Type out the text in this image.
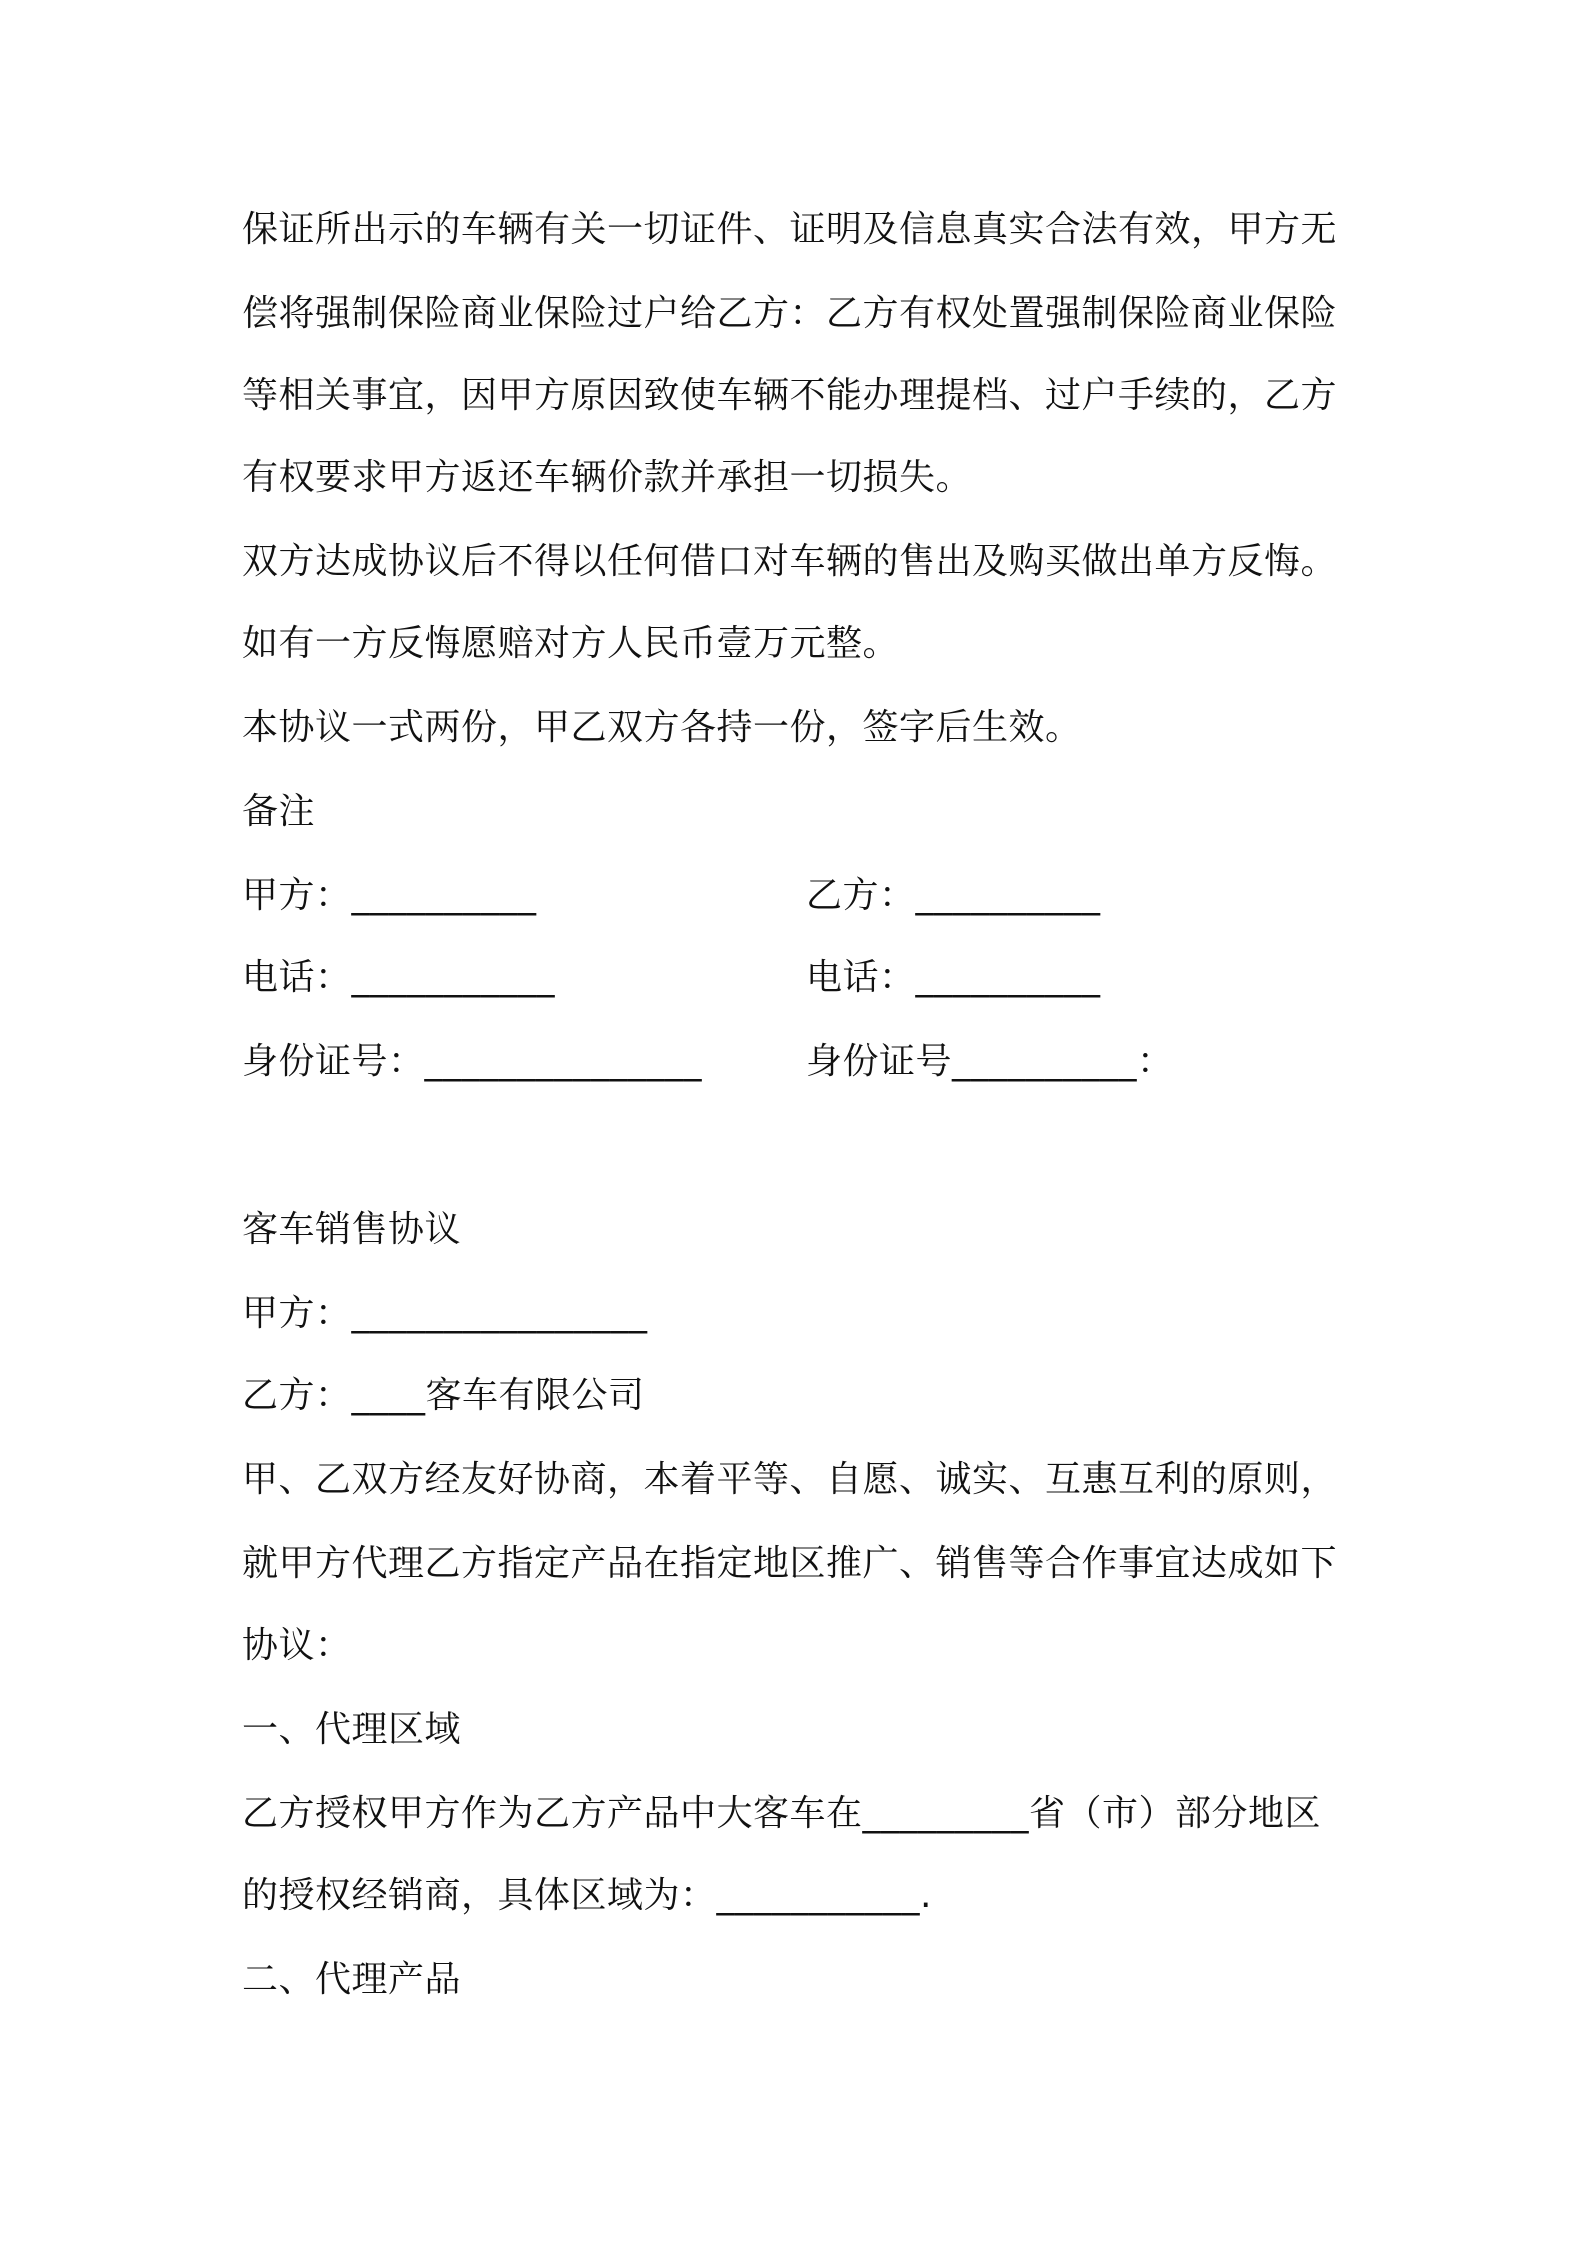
保证所出示的车辆有关一切证件、证明及信息真实合法有效，甲方无
偿将强制保险商业保险过户给乙方：乙方有权处置强制保险商业保险
等相关事宜，因甲方原因致使车辆不能办理提档、过户手续的，乙方
有权要求甲方返还车辆价款并承担一切损失。
双方达成协议后不得以任何借口对车辆的售出及购买做出单方反悔。
如有一方反悔愿赔对方人民币壹万元整。
本协议一式两份，甲乙双方各持一份，签字后生效。
备注
甲方：__________	乙方：__________
电话：___________	电话：__________
身份证号：_______________	身份证号__________：
客车销售协议
甲方：________________
乙方：____客车有限公司
甲、乙双方经友好协商，本着平等、自愿、诚实、互惠互利的原则，
就甲方代理乙方指定产品在指定地区推广、销售等合作事宜达成如下
协议：
一、代理区域
乙方授权甲方作为乙方产品中大客车在_________省（市）部分地区
的授权经销商，具体区域为：___________.
二、代理产品
